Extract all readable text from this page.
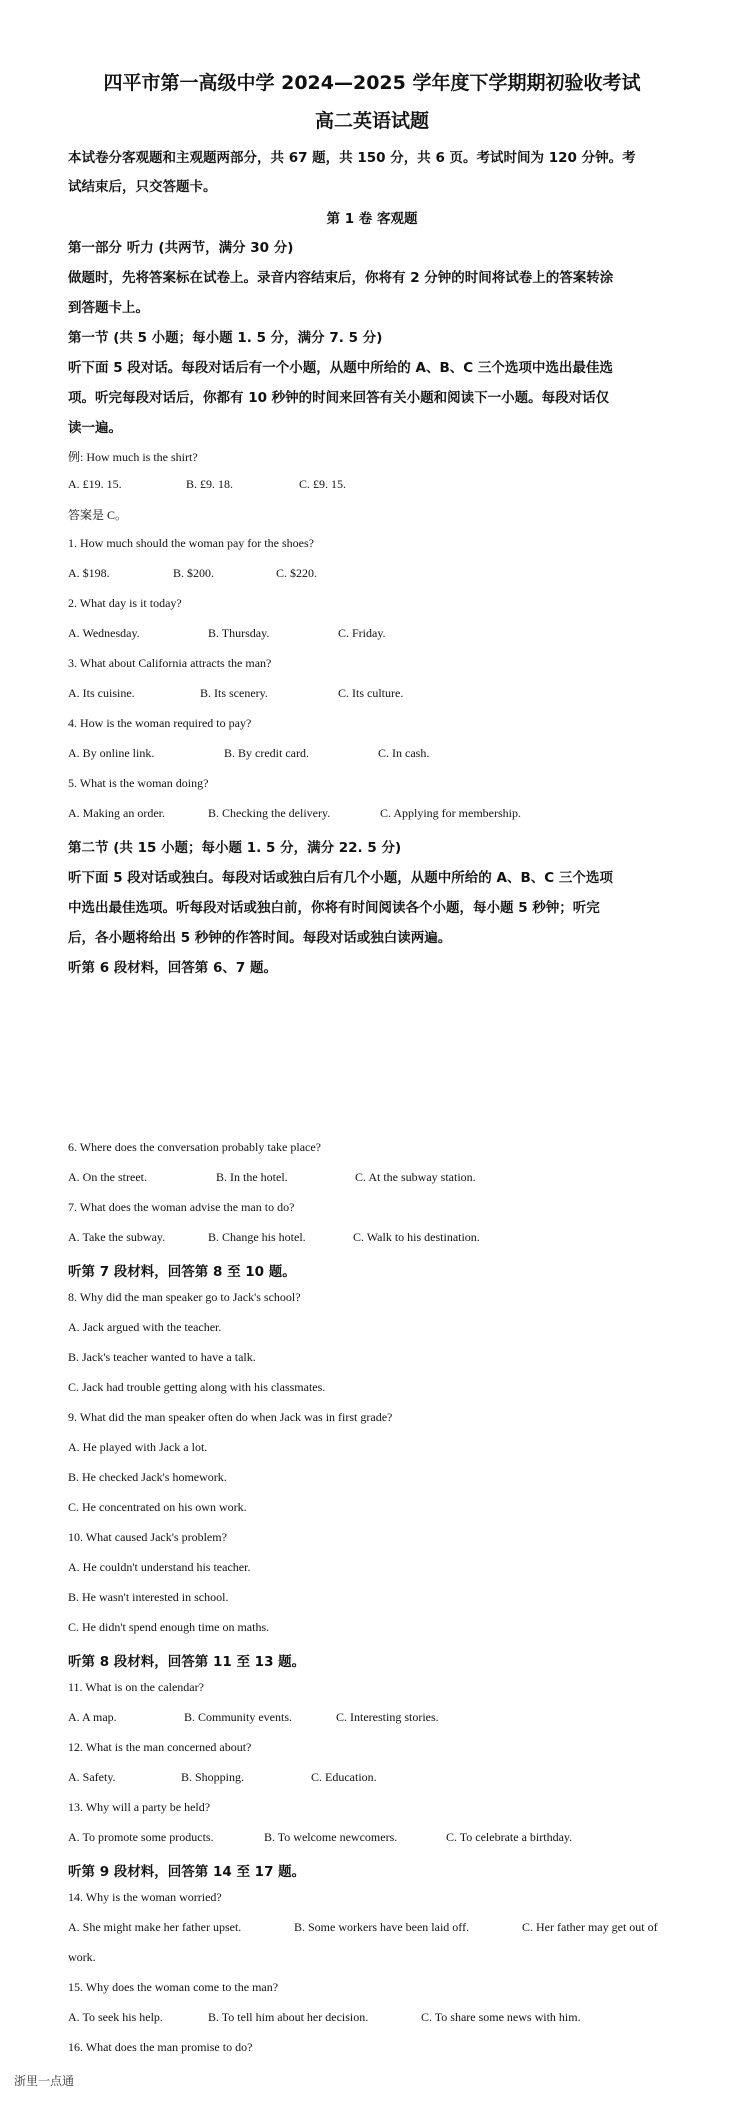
四平市第一高级中学 2024—2025 学年度下学期期初验收考试
高二英语试题
本试卷分客观题和主观题两部分，共 67 题，共 150 分，共 6 页。考试时间为 120 分钟。考
试结束后，只交答题卡。
第 1 卷 客观题
第一部分 听力 (共两节，满分 30 分)
做题时，先将答案标在试卷上。录音内容结束后，你将有 2 分钟的时间将试卷上的答案转涂
到答题卡上。
第一节 (共 5 小题；每小题 1. 5 分，满分 7. 5 分)
听下面 5 段对话。每段对话后有一个小题，从题中所给的 A、B、C 三个选项中选出最佳选
项。听完每段对话后，你都有 10 秒钟的时间来回答有关小题和阅读下一小题。每段对话仅
读一遍。
例: How much is the shirt?
A. £19. 15.	B. £9. 18.	C. £9. 15.
答案是 C。
1. How much should the woman pay for the shoes?
A. $198.	B. $200.	C. $220.
2. What day is it today?
A. Wednesday.	B. Thursday.	C. Friday.
3. What about California attracts the man?
A. Its cuisine.	B. Its scenery.	C. Its culture.
4. How is the woman required to pay?
A. By online link.	B. By credit card.	C. In cash.
5. What is the woman doing?
A. Making an order.	B. Checking the delivery.	C. Applying for membership.
第二节 (共 15 小题；每小题 1. 5 分，满分 22. 5 分)
听下面 5 段对话或独白。每段对话或独白后有几个小题，从题中所给的 A、B、C 三个选项
中选出最佳选项。听每段对话或独白前，你将有时间阅读各个小题，每小题 5 秒钟；听完
后，各小题将给出 5 秒钟的作答时间。每段对话或独白读两遍。
听第 6 段材料，回答第 6、7 题。
6. Where does the conversation probably take place?
A. On the street.	B. In the hotel.	C. At the subway station.
7. What does the woman advise the man to do?
A. Take the subway.	B. Change his hotel.	C. Walk to his destination.
听第 7 段材料，回答第 8 至 10 题。
8. Why did the man speaker go to Jack's school?
A. Jack argued with the teacher.
B. Jack's teacher wanted to have a talk.
C. Jack had trouble getting along with his classmates.
9. What did the man speaker often do when Jack was in first grade?
A. He played with Jack a lot.
B. He checked Jack's homework.
C. He concentrated on his own work.
10. What caused Jack's problem?
A. He couldn't understand his teacher.
B. He wasn't interested in school.
C. He didn't spend enough time on maths.
听第 8 段材料，回答第 11 至 13 题。
11. What is on the calendar?
A. A map.	B. Community events.	C. Interesting stories.
12. What is the man concerned about?
A. Safety.	B. Shopping.	C. Education.
13. Why will a party be held?
A. To promote some products.	B. To welcome newcomers.	C. To celebrate a birthday.
听第 9 段材料，回答第 14 至 17 题。
14. Why is the woman worried?
A. She might make her father upset.	B. Some workers have been laid off.	C. Her father may get out of
work.
15. Why does the woman come to the man?
A. To seek his help.	B. To tell him about her decision.	C. To share some news with him.
16. What does the man promise to do?
浙里一点通
